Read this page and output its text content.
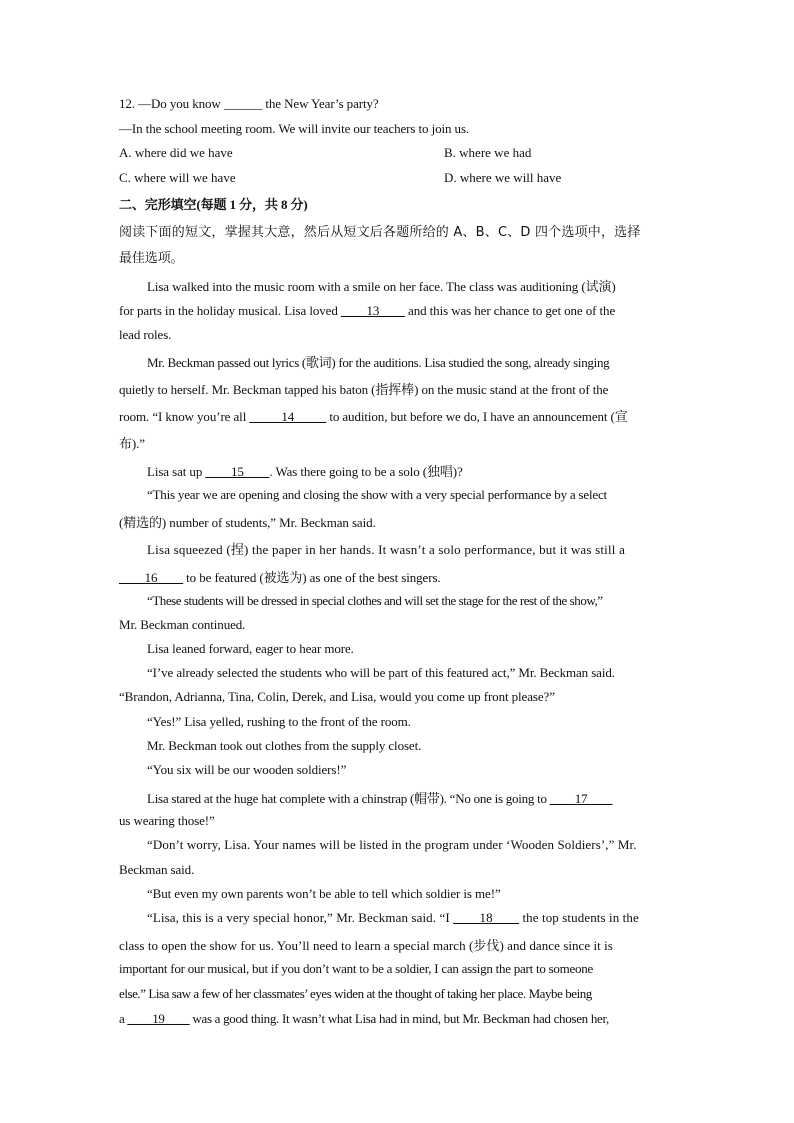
12. —Do you know ______ the New Year’s party?
—In the school meeting room. We will invite our teachers to join us.
A. where did we have	B. where we had
C. where will we have	D. where we will have
二、完形填空(每题 1 分，共 8 分)
阅读下面的短文，掌握其大意，然后从短文后各题所给的 A、B、C、D 四个选项中，选择
最佳选项。
Lisa walked into the music room with a smile on her face. The class was auditioning (试演)
for parts in the holiday musical. Lisa loved ____13____ and this was her chance to get one of the
lead roles.
Mr. Beckman passed out lyrics (歌词) for the auditions. Lisa studied the song, already singing
quietly to herself. Mr. Beckman tapped his baton (指挥棒) on the music stand at the front of the
room. “I know you’re all _____14_____ to audition, but before we do, I have an announcement (宣
布).”
Lisa sat up ____15____. Was there going to be a solo (独唱)?
“This year we are opening and closing the show with a very special performance by a select
(精选的) number of students,” Mr. Beckman said.
Lisa squeezed (捏) the paper in her hands. It wasn’t a solo performance, but it was still a
____16____ to be featured (被选为) as one of the best singers.
“These students will be dressed in special clothes and will set the stage for the rest of the show,”
Mr. Beckman continued.
Lisa leaned forward, eager to hear more.
“I’ve already selected the students who will be part of this featured act,” Mr. Beckman said.
“Brandon, Adrianna, Tina, Colin, Derek, and Lisa, would you come up front please?”
“Yes!” Lisa yelled, rushing to the front of the room.
Mr. Beckman took out clothes from the supply closet.
“You six will be our wooden soldiers!”
Lisa stared at the huge hat complete with a chinstrap (帽带). “No one is going to ____17____
us wearing those!”
“Don’t worry, Lisa. Your names will be listed in the program under ‘Wooden Soldiers’,” Mr.
Beckman said.
“But even my own parents won’t be able to tell which soldier is me!”
“Lisa, this is a very special honor,” Mr. Beckman said. “I ____18____ the top students in the
class to open the show for us. You’ll need to learn a special march (步伐) and dance since it is
important for our musical, but if you don’t want to be a soldier, I can assign the part to someone
else.” Lisa saw a few of her classmates’ eyes widen at the thought of taking her place. Maybe being
a ____19____ was a good thing. It wasn’t what Lisa had in mind, but Mr. Beckman had chosen her,
